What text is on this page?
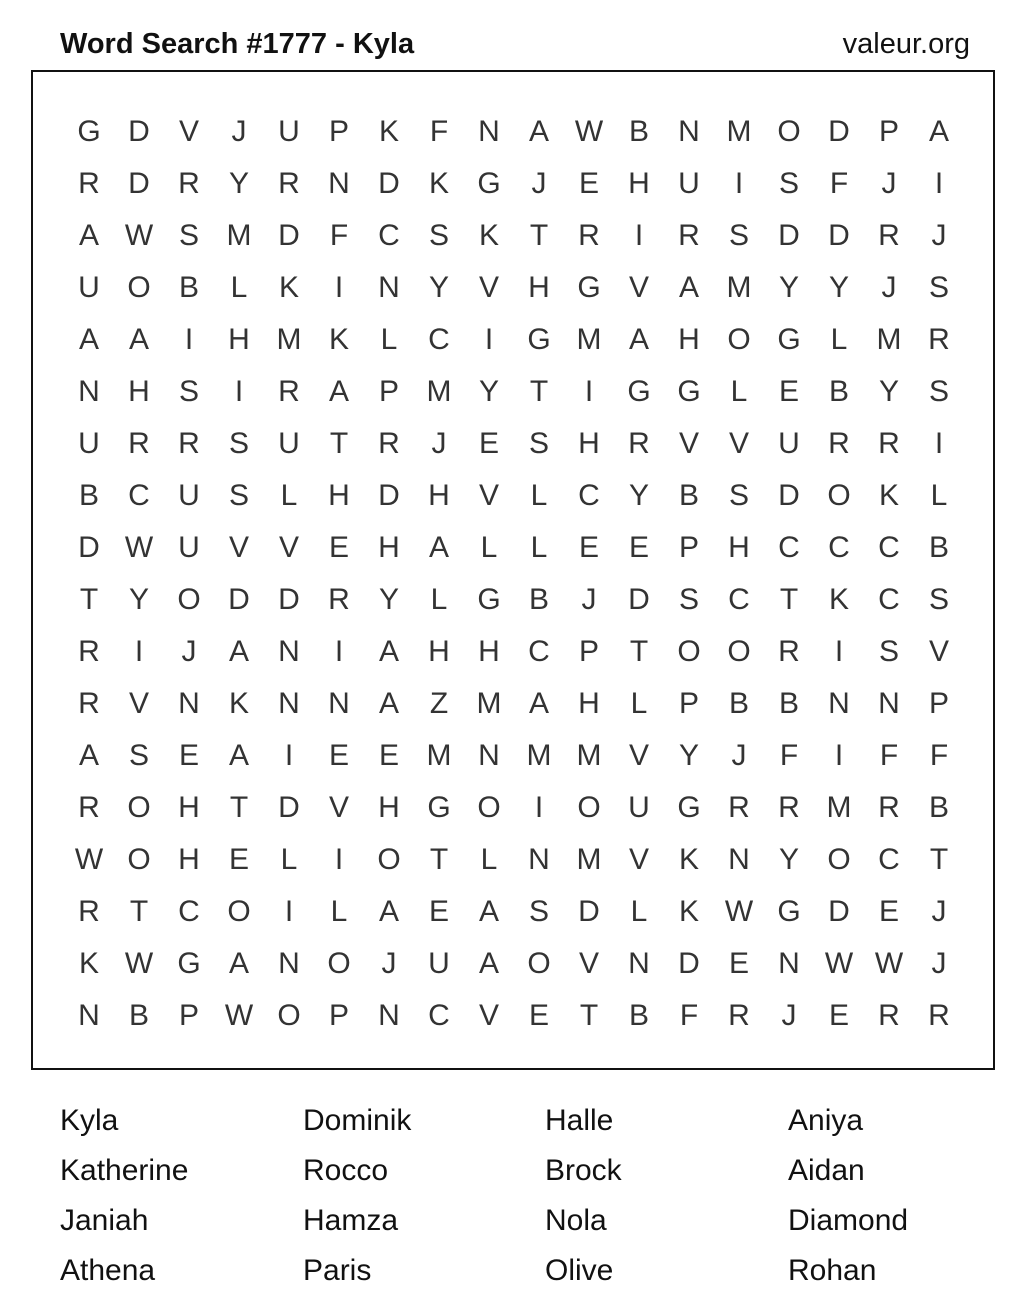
Word Search #1777 - Kyla	valeur.org
G D V	J	U P K	F	N A W B N M O D P A
R D R Y R N D K G	J	E H U	I	S	F	J	I
A W S M D	F	C S K	T	R	I	R S D D R	J
U O B	L	K	I	N Y V H G V A M Y Y	J	S
A A	I	H M K	L	C	I	G M A H O G L M R
N H S	I	R A P M Y	T	I	G G L	E B Y S
U R R S U	T	R	J	E S H R V V U R R	I
B C U S	L	H D H V	L	C Y B S D O K	L
D W U V V E H A	L	L	E E P H C C C B
T	Y O D D R Y	L G B	J	D S C	T	K C S
R	I	J	A N	I	A H H C P	T O O R	I	S V
R V N K N N A	Z M A H	L	P B B N N P
A S E A	I	E E M N M M V Y	J	F	I	F	F
R O H	T	D V H G O	I	O U G R R M R B
W O H E	L	I	O T	L	N M V K N Y O C	T
R	T	C O	I	L	A E A S D	L	K W G D E	J
K W G A N O	J	U A O V N D E N W W J
N B P W O P N C V E	T	B	F	R	J	E R R
Kyla	Dominik	Halle	Aniya
Katherine	Rocco	Brock	Aidan
Janiah	Hamza	Nola	Diamond
Athena	Paris	Olive	Rohan
